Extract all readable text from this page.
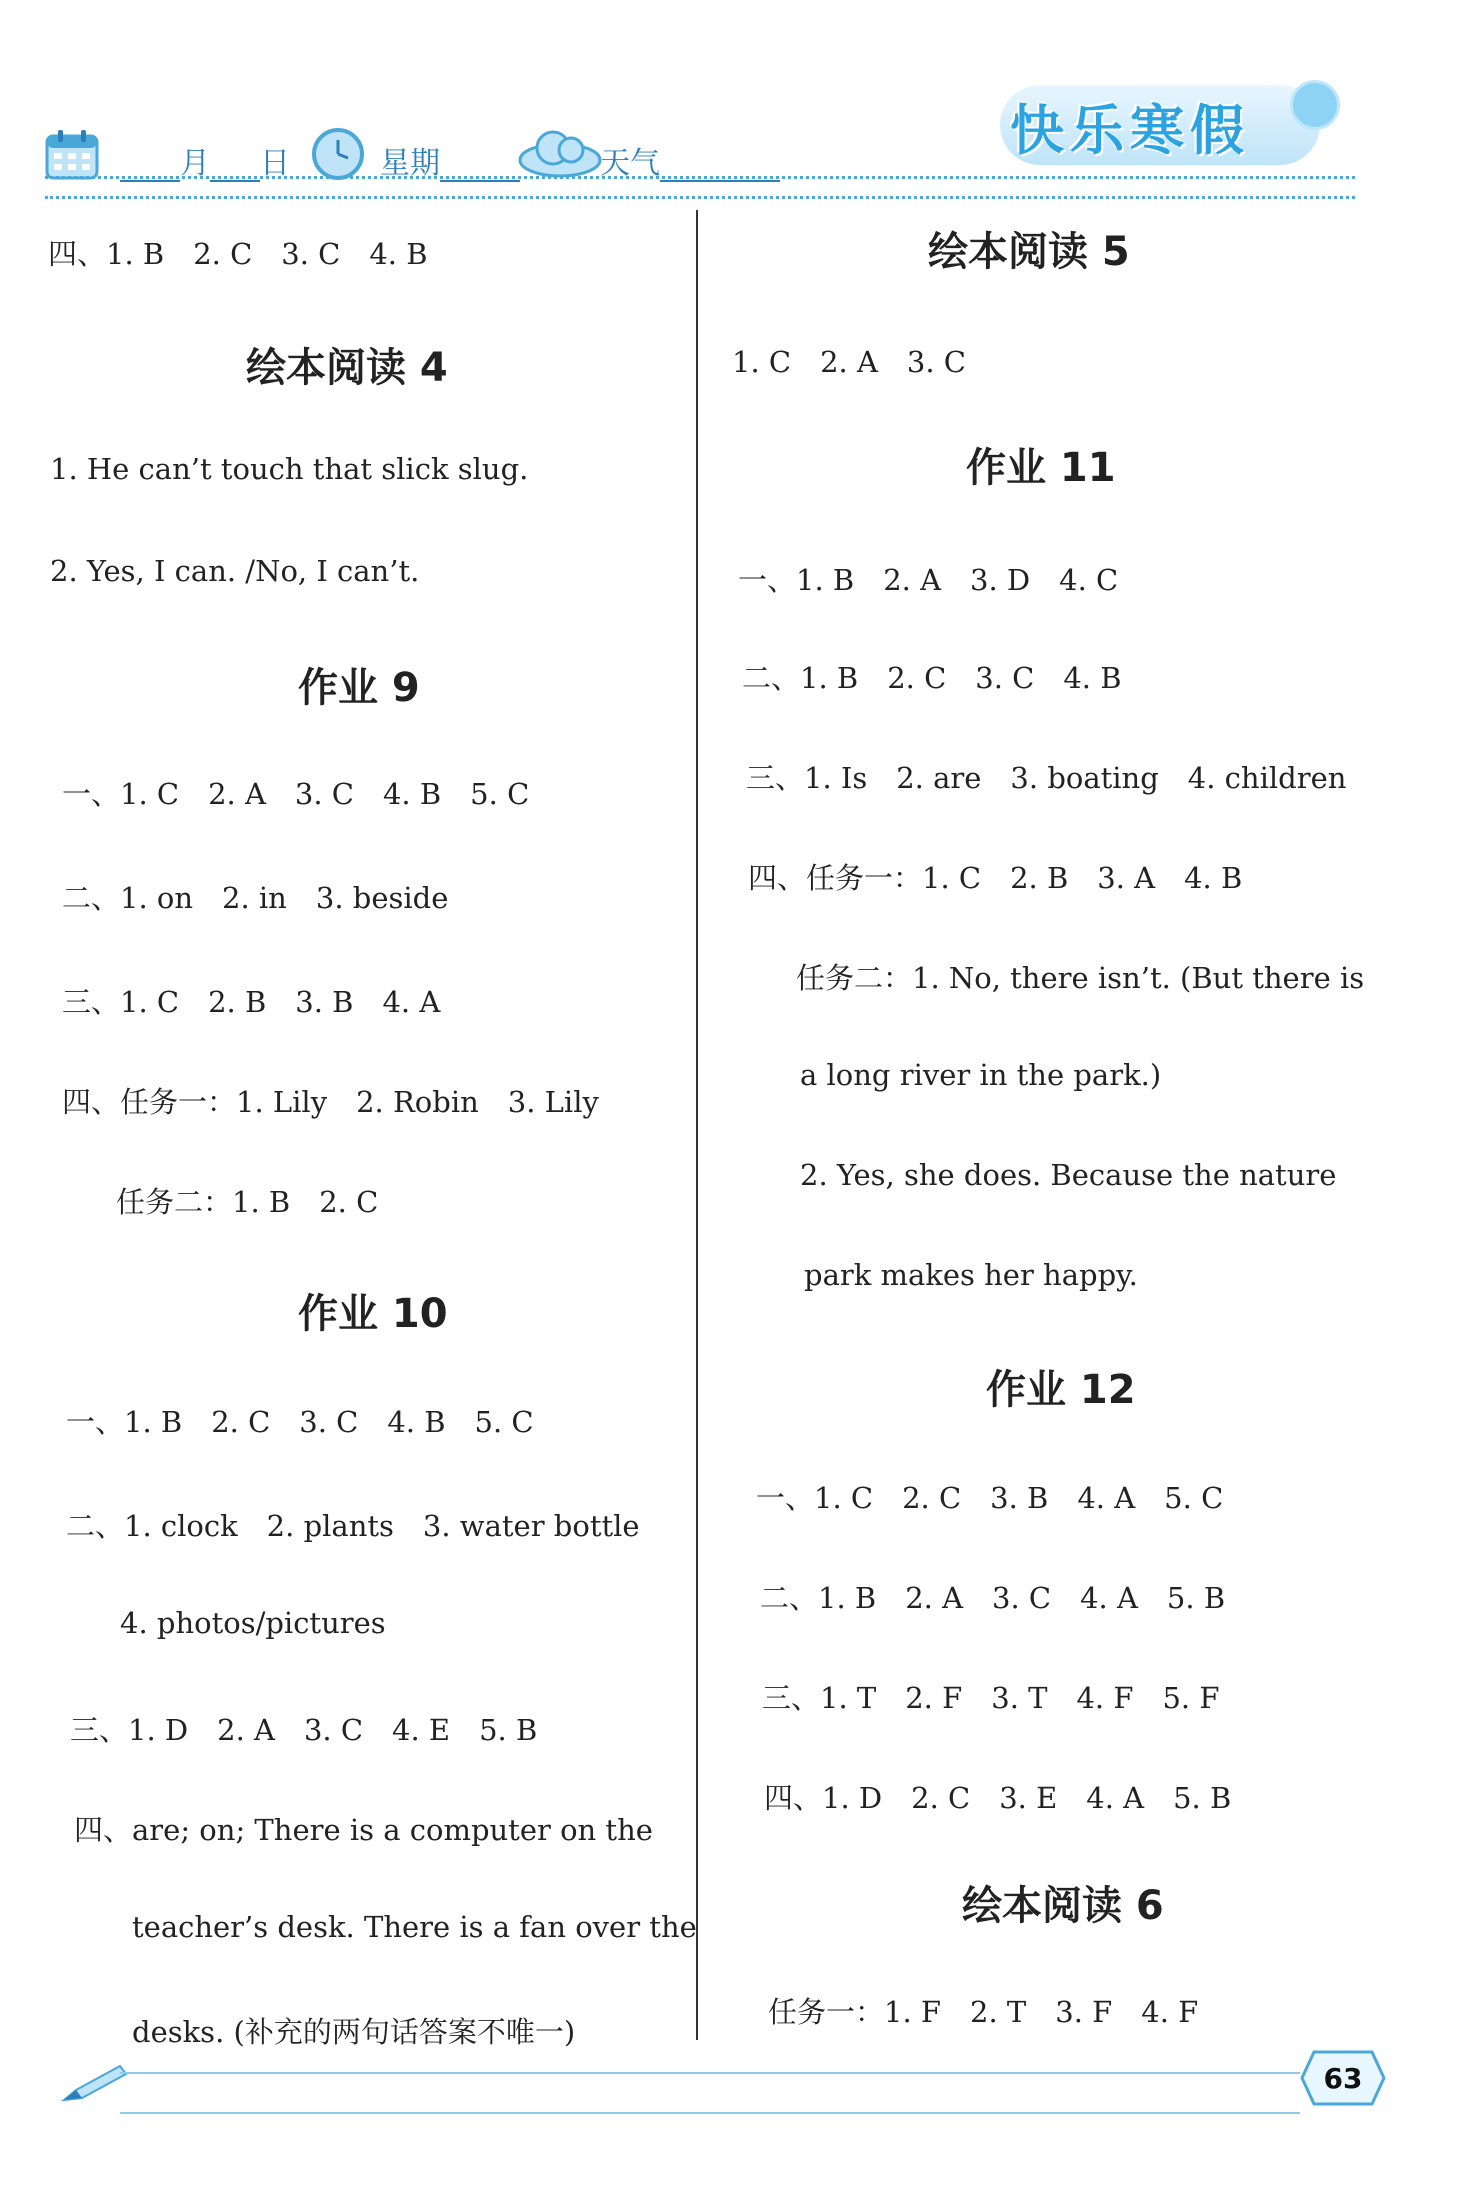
月 日	星期	天气
快乐寒假
四、1. B　2. C　3. C　4. B
绘本阅读 4
1. He can’t touch that slick slug.
2. Yes, I can. /No, I can’t.
作业 9
一、1. C　2. A　3. C　4. B　5. C
二、1. on　2. in　3. beside
三、1. C　2. B　3. B　4. A
四、任务一：1. Lily　2. Robin　3. Lily
任务二：1. B　2. C
作业 10
一、1. B　2. C　3. C　4. B　5. C
二、1. clock　2. plants　3. water bottle
4. photos/pictures
三、1. D　2. A　3. C　4. E　5. B
四、are; on; There is a computer on the
teacher’s desk. There is a fan over the
desks. (补充的两句话答案不唯一)
绘本阅读 5
1. C　2. A　3. C
作业 11
一、1. B　2. A　3. D　4. C
二、1. B　2. C　3. C　4. B
三、1. Is　2. are　3. boating　4. children
四、任务一：1. C　2. B　3. A　4. B
任务二：1. No, there isn’t. (But there is
a long river in the park.)
2. Yes, she does. Because the nature
park makes her happy.
作业 12
一、1. C　2. C　3. B　4. A　5. C
二、1. B　2. A　3. C　4. A　5. B
三、1. T　2. F　3. T　4. F　5. F
四、1. D　2. C　3. E　4. A　5. B
绘本阅读 6
任务一：1. F　2. T　3. F　4. F
63
